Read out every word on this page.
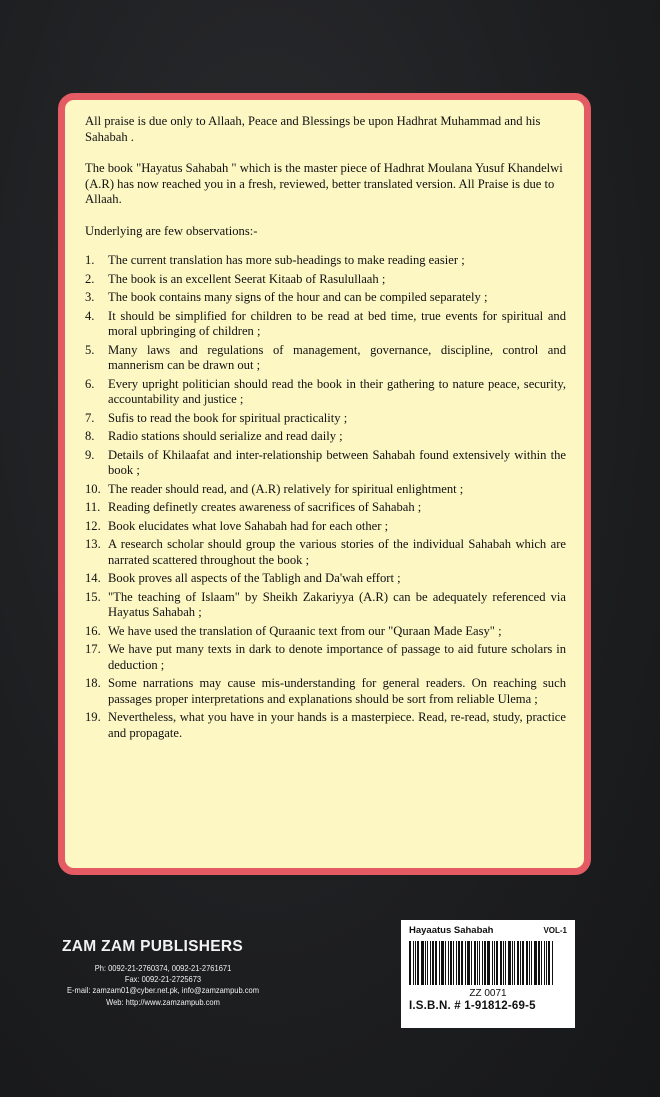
All praise is due only to Allaah, Peace and Blessings be upon Hadhrat Muhammad and his Sahabah .

The book "Hayatus Sahabah " which is the master piece of Hadhrat Moulana Yusuf Khandelwi (A.R) has now reached you in a fresh, reviewed, better translated version. All Praise is due to Allaah.

Underlying are few observations:-

1.	The current translation has more sub-headings to make reading easier ;
2.	The book is an excellent Seerat Kitaab of Rasulullaah ;
3.	The book contains many signs of the hour and can be compiled separately ;
4.	It should be simplified for children to be read at bed time, true events for spiritual and moral upbringing of children ;
5.	Many laws and regulations of management, governance, discipline, control and mannerism can be drawn out ;
6.	Every upright politician should read the book in their gathering to nature peace, security, accountability and justice ;
7.	Sufis to read the book for spiritual practicality ;
8.	Radio stations should serialize and read daily ;
9.	Details of Khilaafat and inter-relationship between Sahabah found extensively within the book ;
10. The reader should read, and (A.R) relatively for spiritual enlightment ;
11. Reading definetly creates awareness of sacrifices of Sahabah ;
12. Book elucidates what love Sahabah had for each other ;
13. A research scholar should group the various stories of the individual Sahabah which are narrated scattered throughout the book ;
14. Book proves all aspects of the Tabligh and Da'wah effort ;
15. "The teaching of Islaam" by Sheikh Zakariyya (A.R) can be adequately referenced via Hayatus Sahabah ;
16. We have used the translation of Quraanic text from our "Quraan Made Easy" ;
17. We have put many texts in dark to denote importance of passage to aid future scholars in deduction ;
18. Some narrations may cause mis-understanding for general readers. On reaching such passages proper interpretations and explanations should be sort from reliable Ulema ;
19. Nevertheless, what you have in your hands is a masterpiece. Read, re-read, study, practice and propagate.
ZAM ZAM PUBLISHERS
Ph: 0092-21-2760374, 0092-21-2761671
Fax: 0092-21-2725673
E-mail: zamzam01@cyber.net.pk, info@zamzampub.com
Web: http://www.zamzampub.com
Hayaatus Sahabah	VOL-1
ZZ 0071
I.S.B.N. # 1-91812-69-5
